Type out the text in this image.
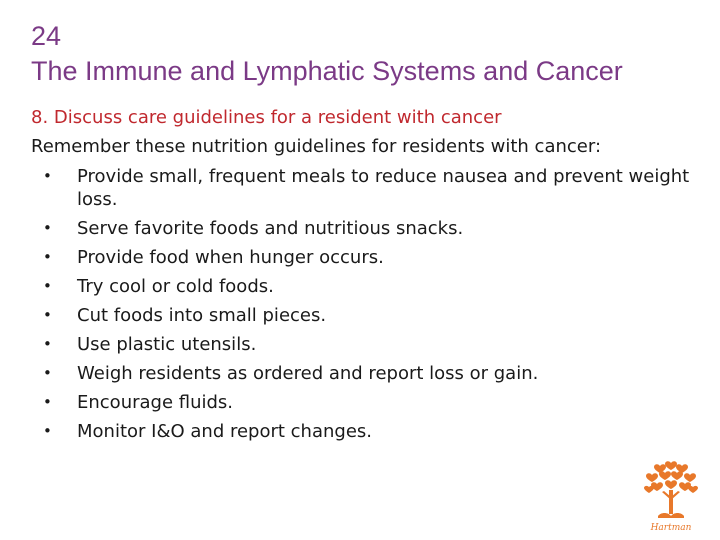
24
The Immune and Lymphatic Systems and Cancer
8. Discuss care guidelines for a resident with cancer
Remember these nutrition guidelines for residents with cancer:
• Provide small, frequent meals to reduce nausea and prevent weight loss.
• Serve favorite foods and nutritious snacks.
• Provide food when hunger occurs.
• Try cool or cold foods.
• Cut foods into small pieces.
• Use plastic utensils.
• Weigh residents as ordered and report loss or gain.
• Encourage fluids.
• Monitor I&O and report changes.
Hartman
